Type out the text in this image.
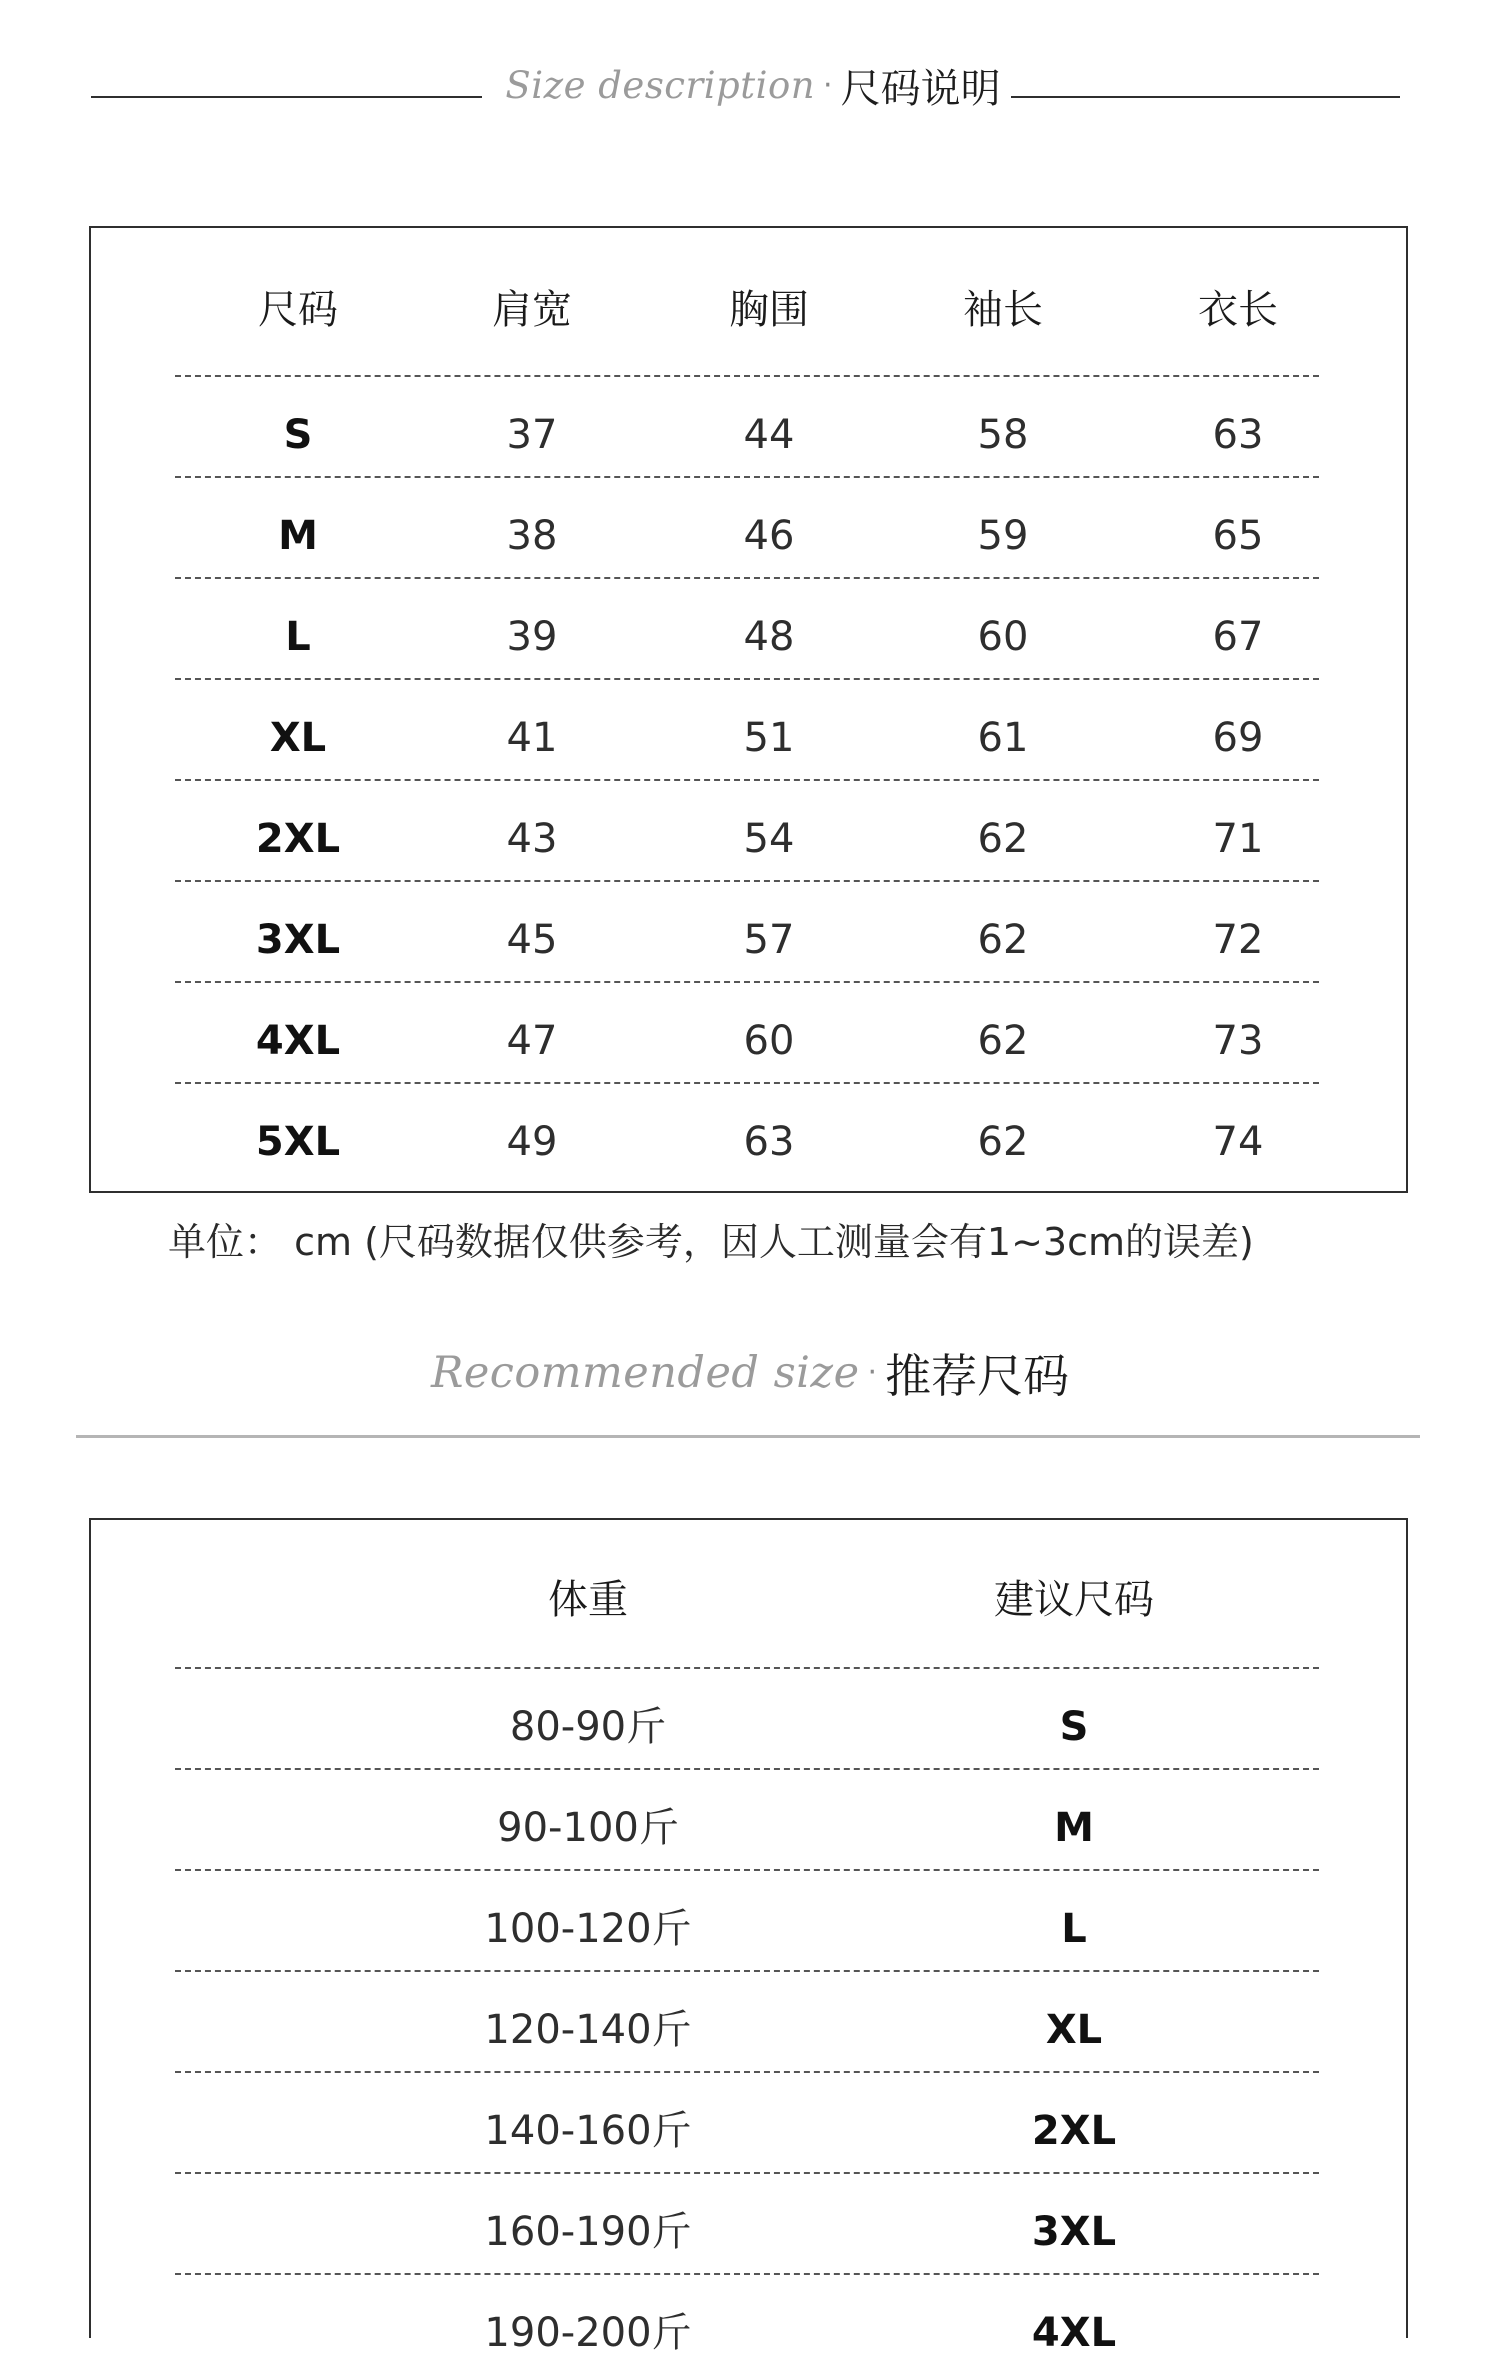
Size description · 尺码说明
尺码	肩宽	胸围	袖长	衣长
S	37	44	58	63
M	38	46	59	65
L	39	48	60	67
XL	41	51	61	69
2XL	43	54	62	71
3XL	45	57	62	72
4XL	47	60	62	73
5XL	49	63	62	74
单位： cm (尺码数据仅供参考，因人工测量会有1~3cm的误差)
Recommended size · 推荐尺码
体重	建议尺码
80-90斤	S
90-100斤	M
100-120斤	L
120-140斤	XL
140-160斤	2XL
160-190斤	3XL
190-200斤	4XL
